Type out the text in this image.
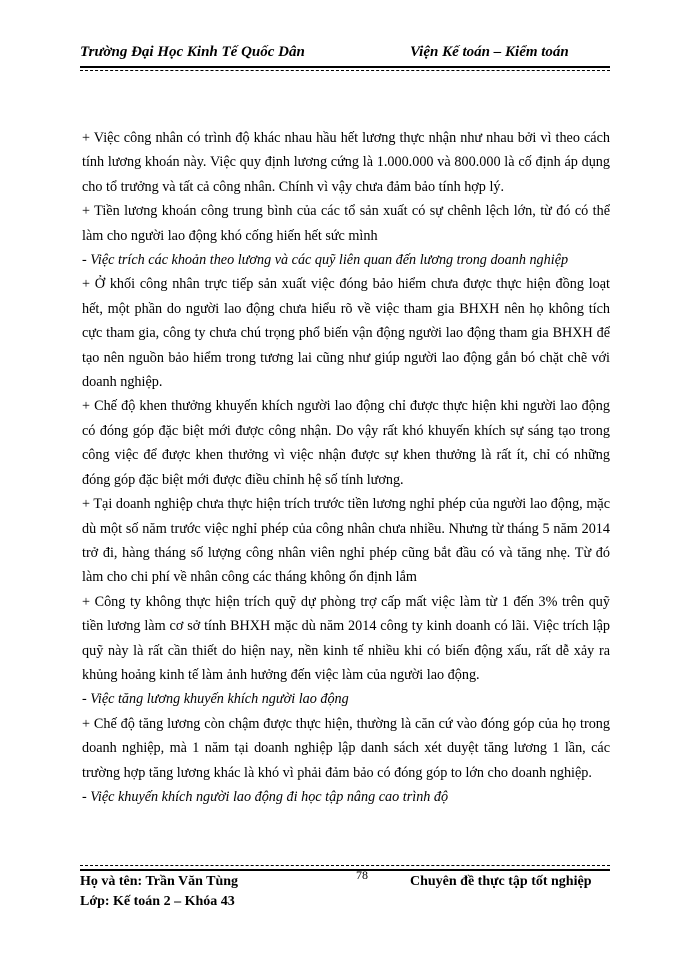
Trường Đại Học Kinh Tế Quốc Dân	Viện Kế toán – Kiểm toán

+ Việc công nhân có trình độ khác nhau hầu hết lương thực nhận như nhau bởi vì theo cách tính lương khoán này. Việc quy định lương cứng là 1.000.000 và 800.000 là cố định áp dụng cho tổ trưởng và tất cả công nhân. Chính vì vậy chưa đảm bảo tính hợp lý.

+ Tiền lương khoán công trung bình của các tổ sản xuất có sự chênh lệch lớn, từ đó có thể làm cho người lao động khó cống hiến hết sức mình

- Việc trích các khoản theo lương và các quỹ liên quan đến lương trong doanh nghiệp

+ Ở khối công nhân trực tiếp sản xuất việc đóng bảo hiểm chưa được thực hiện đồng loạt hết, một phần do người lao động chưa hiểu rõ về việc tham gia BHXH nên họ không tích cực tham gia, công ty chưa chú trọng phổ biến vận động người lao động tham gia BHXH để tạo nên nguồn bảo hiểm trong tương lai cũng như giúp người lao động gắn bó chặt chẽ với doanh nghiệp.

+ Chế độ khen thưởng khuyến khích người lao động chỉ được thực hiện khi người lao động có đóng góp đặc biệt mới được công nhận. Do vậy rất khó khuyến khích sự sáng tạo trong công việc để được khen thưởng vì việc nhận được sự khen thưởng là rất ít, chỉ có những đóng góp đặc biệt mới được điều chỉnh hệ số tính lương.

+ Tại doanh nghiệp chưa thực hiện trích trước tiền lương nghỉ phép của người lao động, mặc dù một số năm trước việc nghỉ phép của công nhân chưa nhiều. Nhưng từ tháng 5 năm 2014 trở đi, hàng tháng số lượng công nhân viên nghỉ phép cũng bắt đầu có và tăng nhẹ. Từ đó làm cho chi phí về nhân công các tháng không ổn định lắm

+ Công ty không thực hiện trích quỹ dự phòng trợ cấp mất việc làm từ 1 đến 3% trên quỹ tiền lương làm cơ sở tính BHXH mặc dù năm 2014 công ty kinh doanh có lãi. Việc trích lập quỹ này là rất cần thiết do hiện nay, nền kinh tế nhiều khi có biến động xấu, rất dễ xảy ra khủng hoảng kinh tế làm ảnh hưởng đến việc làm của người lao động.

- Việc tăng lương khuyến khích người lao động

+ Chế độ tăng lương còn chậm được thực hiện, thường là căn cứ vào đóng góp của họ trong doanh nghiệp, mà 1 năm tại doanh nghiệp lập danh sách xét duyệt tăng lương 1 lần, các trường hợp tăng lương khác là khó vì phải đảm bảo có đóng góp to lớn cho doanh nghiệp.

- Việc khuyến khích người lao động đi học tập nâng cao trình độ

Họ và tên: Trần Văn Tùng
Lớp: Kế toán 2 – Khóa 43
78	Chuyên đề thực tập tốt nghiệp
